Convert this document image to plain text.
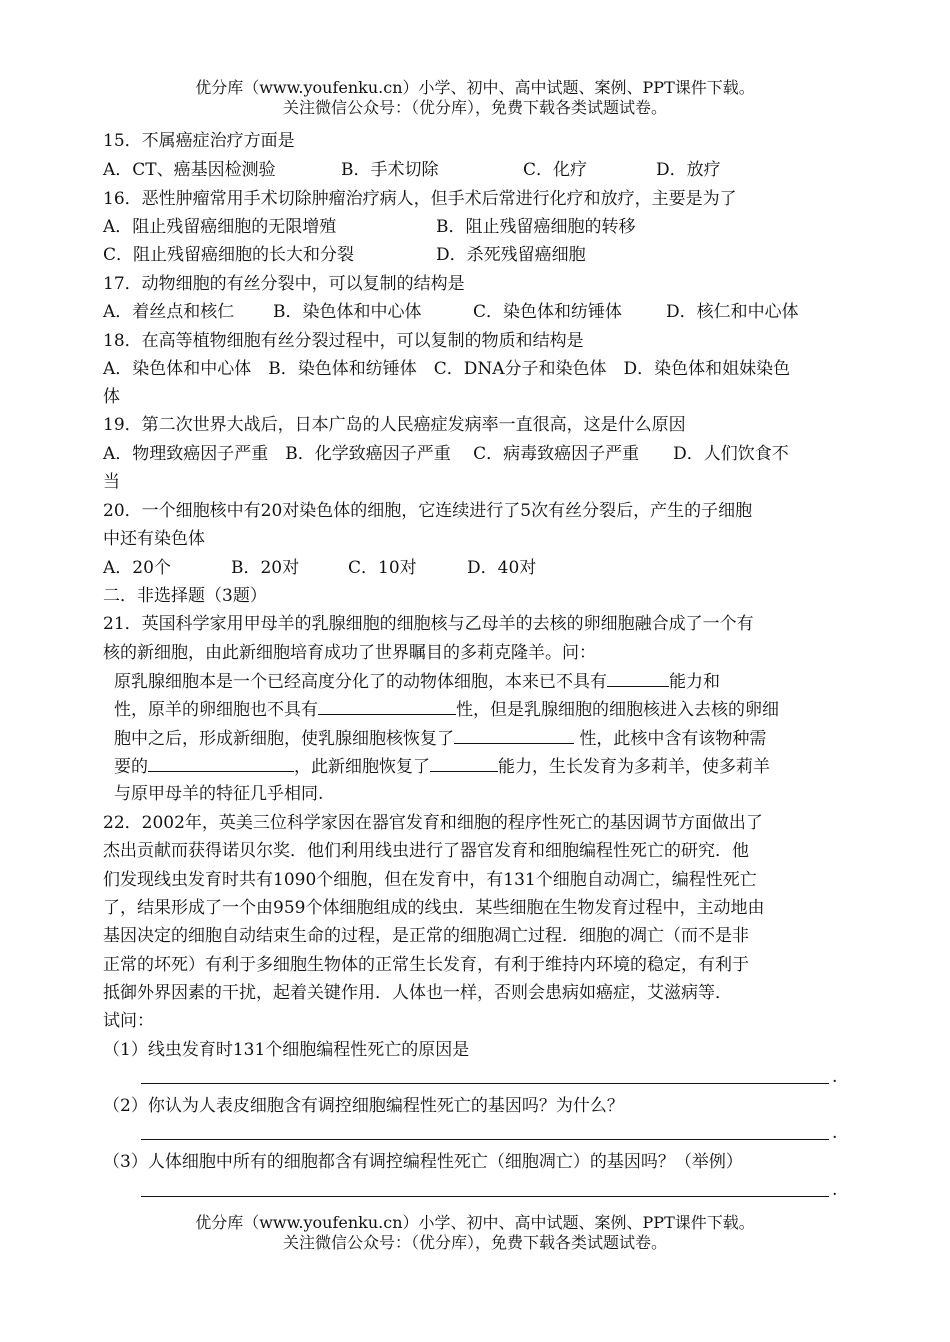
优分库（www.youfenku.cn）小学、初中、高中试题、案例、PPT课件下载。
关注微信公众号：（优分库），免费下载各类试题试卷。
15．不属癌症治疗方面是
A．CT、癌基因检测验	B．手术切除	C．化疗	D．放疗
16．恶性肿瘤常用手术切除肿瘤治疗病人，但手术后常进行化疗和放疗，主要是为了
A．阻止残留癌细胞的无限增殖	B．阻止残留癌细胞的转移
C．阻止残留癌细胞的长大和分裂	D．杀死残留癌细胞
17．动物细胞的有丝分裂中，可以复制的结构是
A．着丝点和核仁 B．染色体和中心体	C．染色体和纺锤体	D．核仁和中心体
18．在高等植物细胞有丝分裂过程中，可以复制的物质和结构是
A．染色体和中心体　B．染色体和纺锤体　C．DNA分子和染色体　D．染色体和姐妹染色
体
19．第二次世界大战后，日本广岛的人民癌症发病率一直很高，这是什么原因
A．物理致癌因子严重　B．化学致癌因子严重　 C．病毒致癌因子严重　　D．人们饮食不
当
20．一个细胞核中有20对染色体的细胞，它连续进行了5次有丝分裂后，产生的子细胞
中还有染色体
A．20个	B．20对	C．10对	D．40对
二．非选择题（3题）
21．英国科学家用甲母羊的乳腺细胞的细胞核与乙母羊的去核的卵细胞融合成了一个有
核的新细胞，由此新细胞培育成功了世界瞩目的多莉克隆羊。问：
原乳腺细胞本是一个已经高度分化了的动物体细胞，本来已不具有	能力和
性，原羊的卵细胞也不具有	性，但是乳腺细胞的细胞核进入去核的卵细
胞中之后，形成新细胞，使乳腺细胞核恢复了	性，此核中含有该物种需
要的	，此新细胞恢复了	能力，生长发育为多莉羊，使多莉羊
与原甲母羊的特征几乎相同.
22．2002年，英美三位科学家因在器官发育和细胞的程序性死亡的基因调节方面做出了
杰出贡献而获得诺贝尔奖．他们利用线虫进行了器官发育和细胞编程性死亡的研究．他
们发现线虫发育时共有1090个细胞，但在发育中，有131个细胞自动凋亡，编程性死亡
了，结果形成了一个由959个体细胞组成的线虫．某些细胞在生物发育过程中，主动地由
基因决定的细胞自动结束生命的过程，是正常的细胞凋亡过程．细胞的凋亡（而不是非
正常的坏死）有利于多细胞生物体的正常生长发育，有利于维持内环境的稳定，有利于
抵御外界因素的干扰，起着关键作用．人体也一样，否则会患病如癌症，艾滋病等．
试问：
（1）线虫发育时131个细胞编程性死亡的原因是
.
（2）你认为人表皮细胞含有调控细胞编程性死亡的基因吗？为什么？
.
（3）人体细胞中所有的细胞都含有调控编程性死亡（细胞凋亡）的基因吗？（举例）
.
优分库（www.youfenku.cn）小学、初中、高中试题、案例、PPT课件下载。
关注微信公众号：（优分库），免费下载各类试题试卷。
